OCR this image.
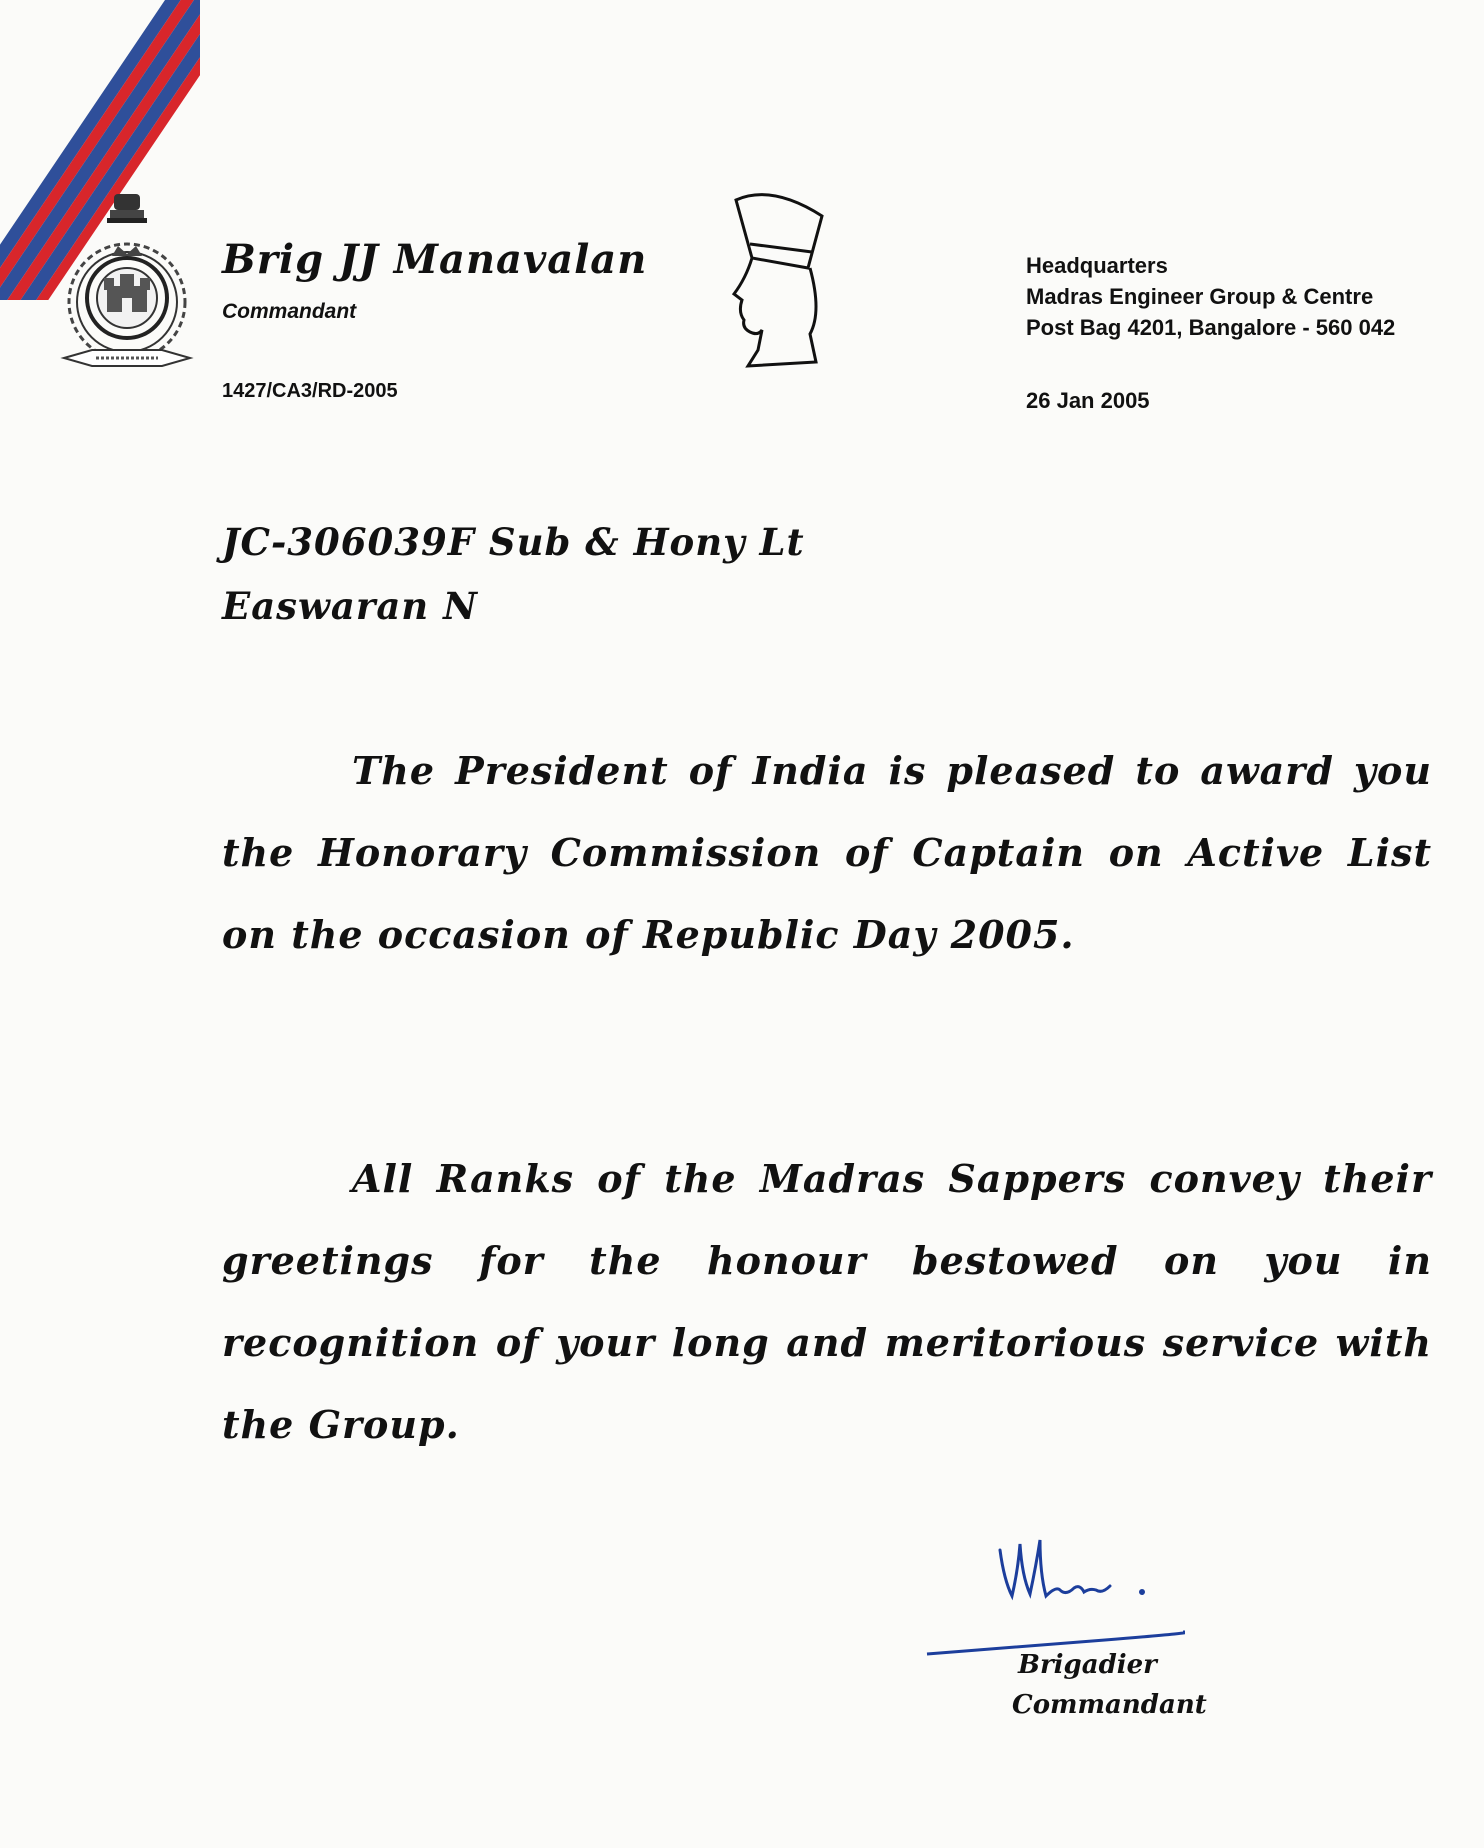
Brig JJ Manavalan
Commandant
1427/CA3/RD-2005
Headquarters
Madras Engineer Group & Centre
Post Bag 4201, Bangalore - 560 042
26 Jan 2005
JC-306039F Sub & Hony Lt
Easwaran N
The President of India is pleased to award you the Honorary Commission of Captain on Active List on the occasion of Republic Day 2005.
All Ranks of the Madras Sappers convey their greetings for the honour bestowed on you in recognition of your long and meritorious service with the Group.
Brigadier
Commandant
